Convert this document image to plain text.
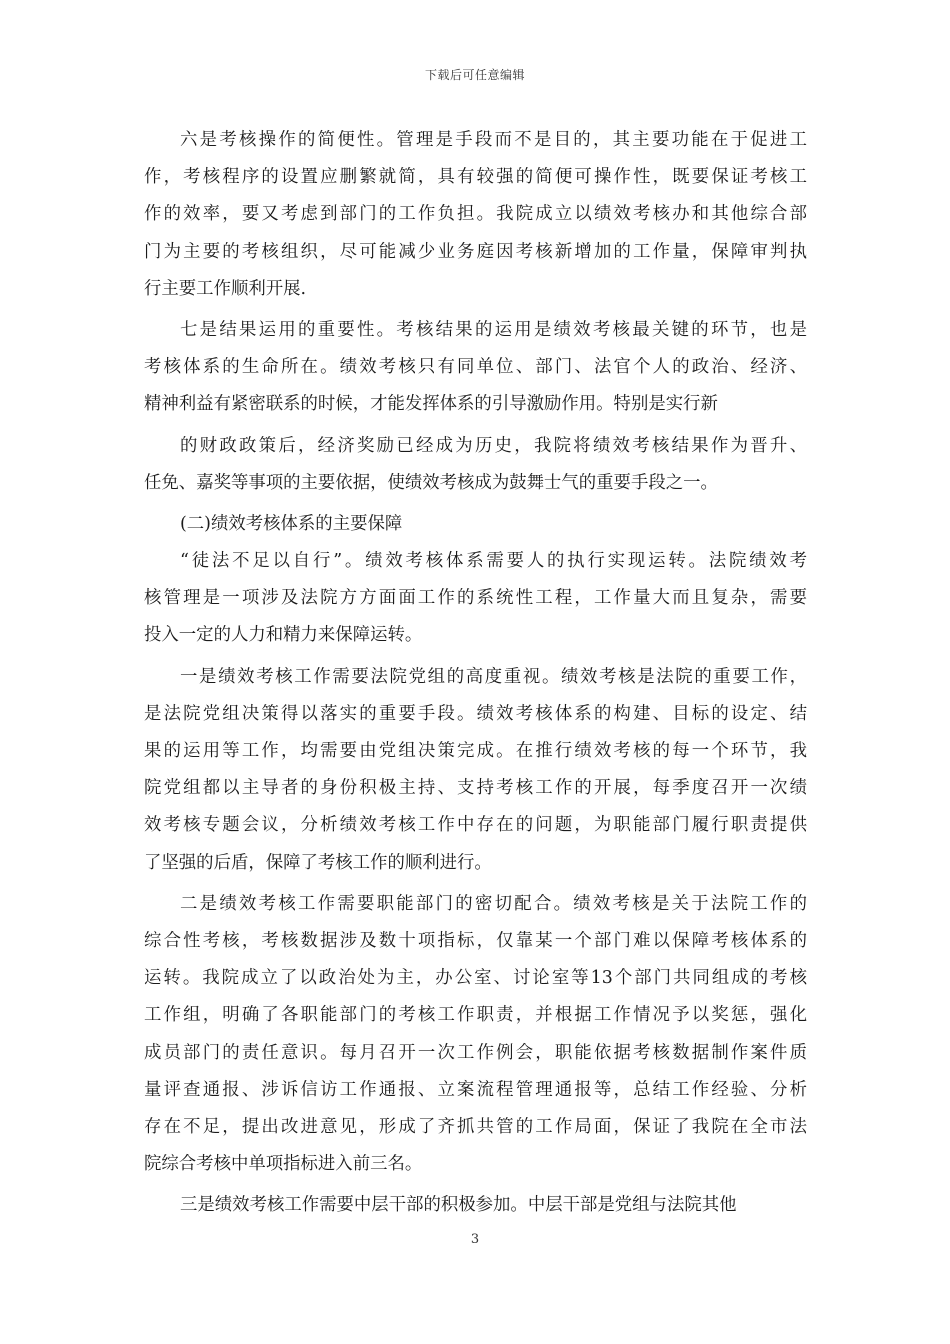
下载后可任意编辑
六是考核操作的简便性。管理是手段而不是目的，其主要功能在于促进工
作，考核程序的设置应删繁就简，具有较强的简便可操作性，既要保证考核工
作的效率，要又考虑到部门的工作负担。我院成立以绩效考核办和其他综合部
门为主要的考核组织，尽可能减少业务庭因考核新增加的工作量，保障审判执
行主要工作顺利开展.
七是结果运用的重要性。考核结果的运用是绩效考核最关键的环节，也是
考核体系的生命所在。绩效考核只有同单位、部门、法官个人的政治、经济、
精神利益有紧密联系的时候，才能发挥体系的引导激励作用。特别是实行新
的财政政策后，经济奖励已经成为历史，我院将绩效考核结果作为晋升、
任免、嘉奖等事项的主要依据，使绩效考核成为鼓舞士气的重要手段之一。
(二)绩效考核体系的主要保障
“徒法不足以自行”。绩效考核体系需要人的执行实现运转。法院绩效考
核管理是一项涉及法院方方面面工作的系统性工程，工作量大而且复杂，需要
投入一定的人力和精力来保障运转。
一是绩效考核工作需要法院党组的高度重视。绩效考核是法院的重要工作，
是法院党组决策得以落实的重要手段。绩效考核体系的构建、目标的设定、结
果的运用等工作，均需要由党组决策完成。在推行绩效考核的每一个环节，我
院党组都以主导者的身份积极主持、支持考核工作的开展，每季度召开一次绩
效考核专题会议，分析绩效考核工作中存在的问题，为职能部门履行职责提供
了坚强的后盾，保障了考核工作的顺利进行。
二是绩效考核工作需要职能部门的密切配合。绩效考核是关于法院工作的
综合性考核，考核数据涉及数十项指标，仅靠某一个部门难以保障考核体系的
运转。我院成立了以政治处为主，办公室、讨论室等13个部门共同组成的考核
工作组，明确了各职能部门的考核工作职责，并根据工作情况予以奖惩，强化
成员部门的责任意识。每月召开一次工作例会，职能依据考核数据制作案件质
量评查通报、涉诉信访工作通报、立案流程管理通报等，总结工作经验、分析
存在不足，提出改进意见，形成了齐抓共管的工作局面，保证了我院在全市法
院综合考核中单项指标进入前三名。
三是绩效考核工作需要中层干部的积极参加。中层干部是党组与法院其他
3
